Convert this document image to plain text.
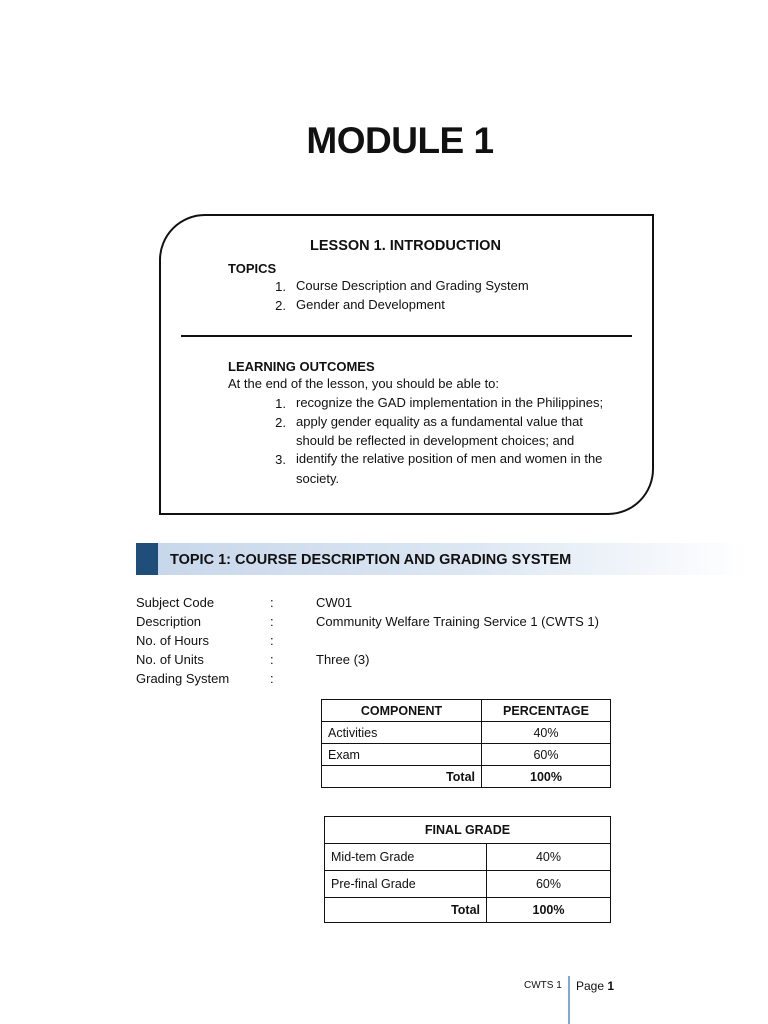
MODULE 1
LESSON 1. INTRODUCTION
TOPICS
1. Course Description and Grading System
2. Gender and Development
LEARNING OUTCOMES
At the end of the lesson, you should be able to:
1. recognize the GAD implementation in the Philippines;
2. apply gender equality as a fundamental value that
should be reflected in development choices; and
3. identify the relative position of men and women in the
society.
TOPIC 1: COURSE DESCRIPTION AND GRADING SYSTEM
Subject Code	:	CW01
Description	:	Community Welfare Training Service 1 (CWTS 1)
No. of Hours	:
No. of Units	:	Three (3)
Grading System	:
COMPONENT	PERCENTAGE
Activities	40%
Exam	60%
Total	100%
FINAL GRADE	
Mid-tem Grade	40%
Pre-final Grade	60%
Total	100%
CWTS 1 Page 1
